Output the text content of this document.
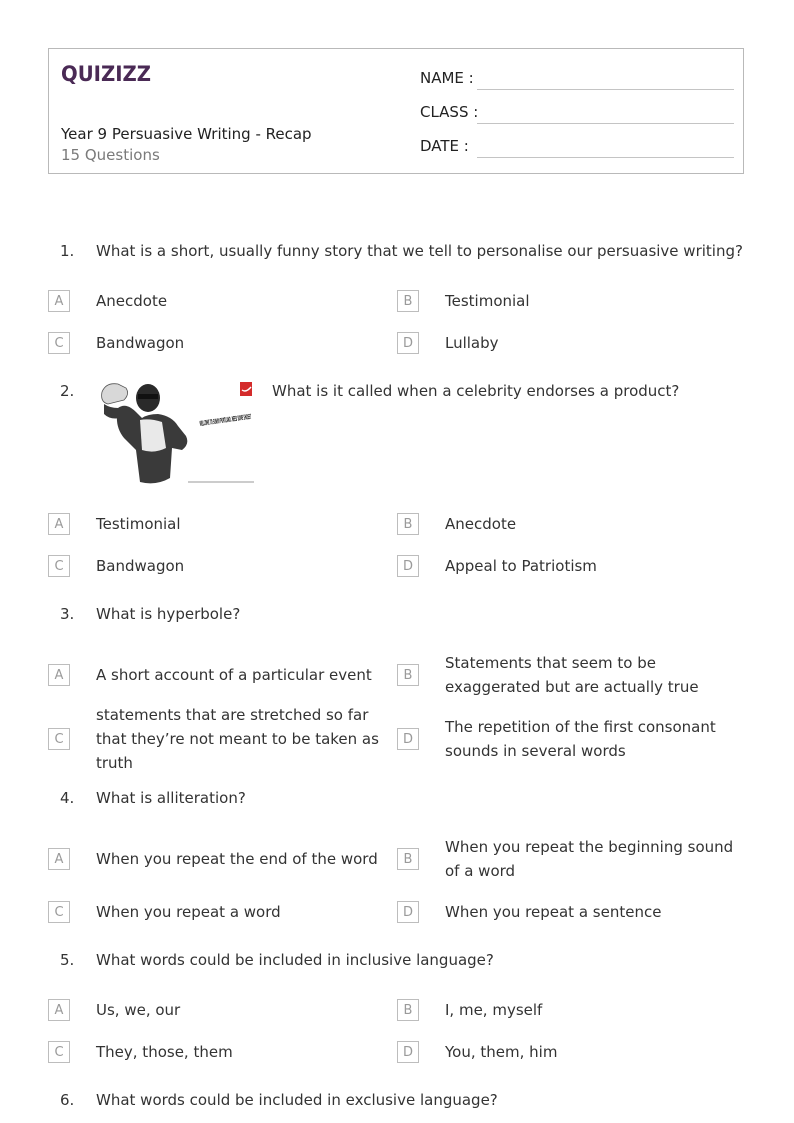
QUIZIZZ
Year 9 Persuasive Writing - Recap
15 Questions
NAME :
CLASS :
DATE :
1. What is a short, usually funny story that we tell to personalise our persuasive writing?
A	Anecdote	B	Testimonial
C	Bandwagon	D	Lullaby
2.	WELCOME TO SUNNY PORTLAND. NEED SOME SHOES?
What is it called when a celebrity endorses a product?
A	Testimonial	B	Anecdote
C	Bandwagon	D	Appeal to Patriotism
3. What is hyperbole?
A	A short account of a particular event	B
Statements that seem to be exaggerated but are actually true
C
statements that are stretched so far that they’re not meant to be taken as truth
D
The repetition of the first consonant sounds in several words
4. What is alliteration?
A	When you repeat the end of the word	B
When you repeat the beginning sound of a word
C	When you repeat a word	D	When you repeat a sentence
5. What words could be included in inclusive language?
A	Us, we, our	B	I, me, myself
C	They, those, them	D	You, them, him
6. What words could be included in exclusive language?
